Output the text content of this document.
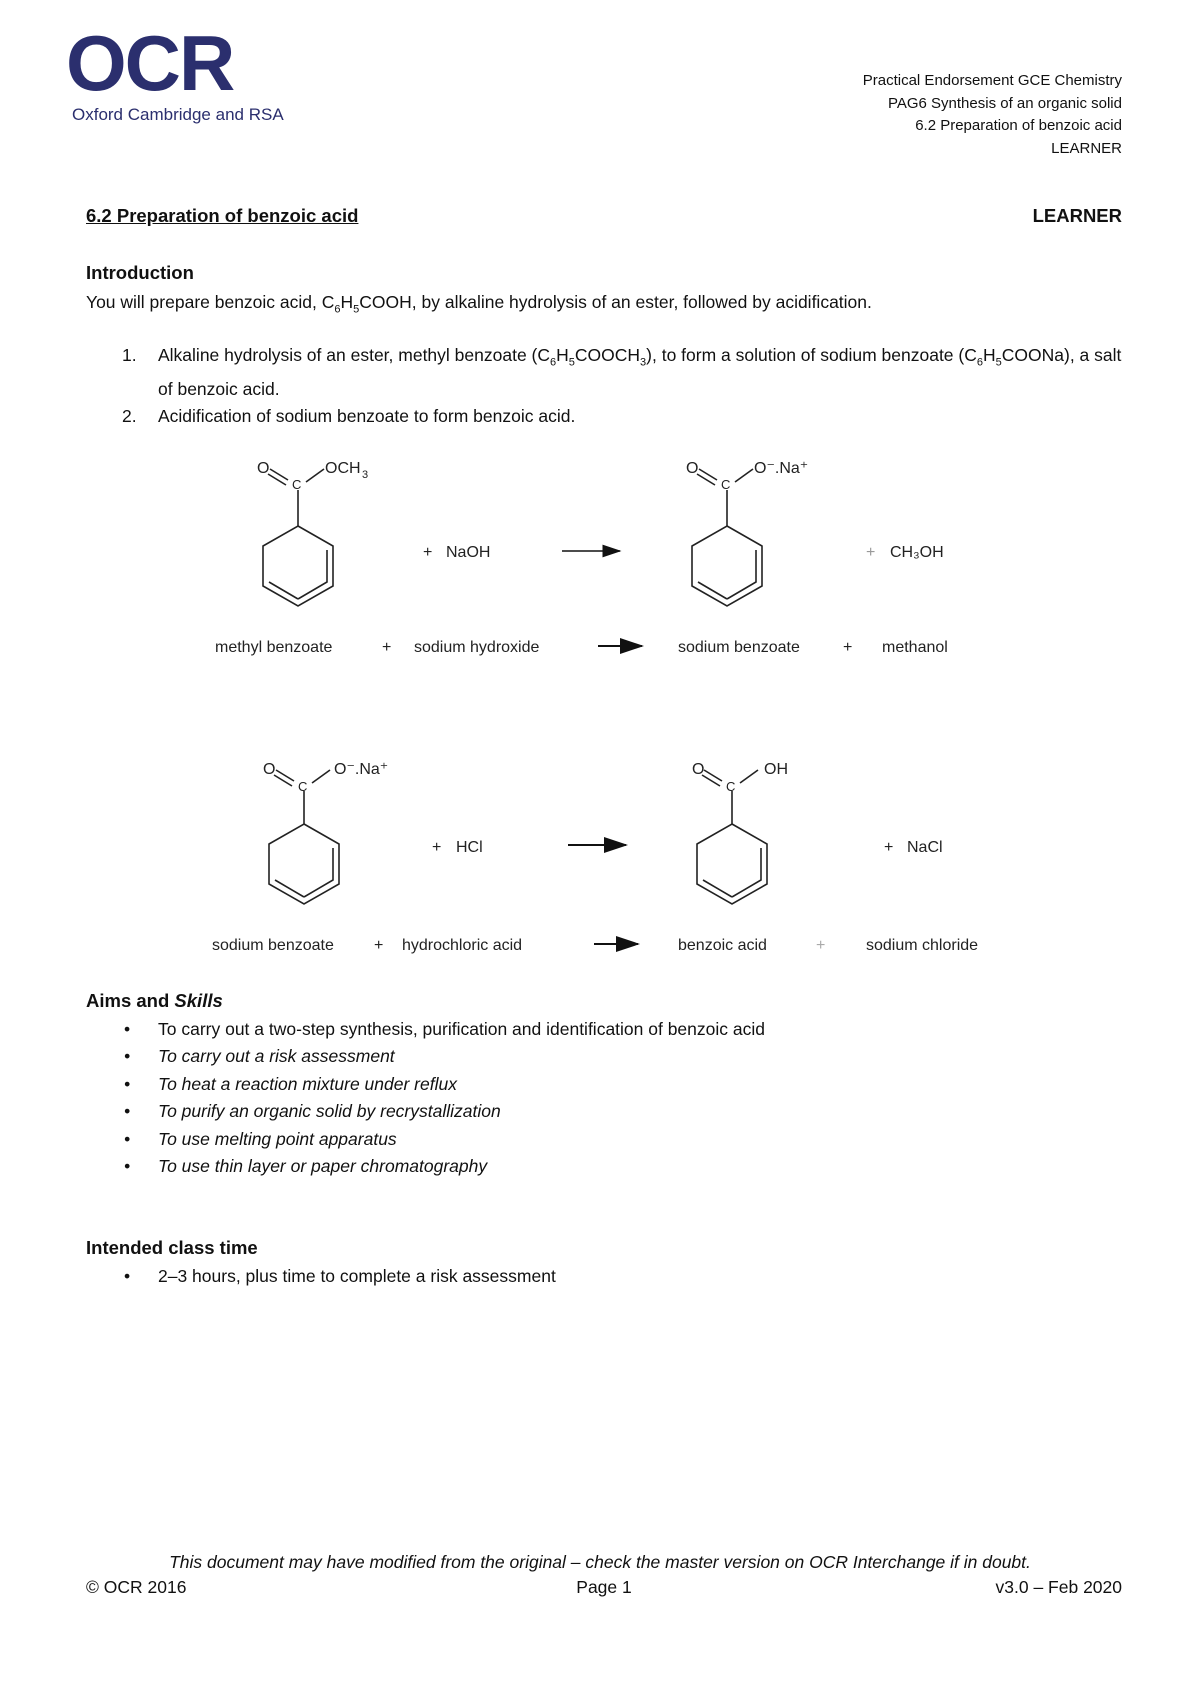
OCR
Oxford Cambridge and RSA
Practical Endorsement GCE Chemistry
PAG6 Synthesis of an organic solid
6.2 Preparation of benzoic acid
LEARNER
6.2 Preparation of benzoic acid	LEARNER
Introduction
You will prepare benzoic acid, $C_6H_5COOH$, by alkaline hydrolysis of an ester, followed by acidification.
1. Alkaline hydrolysis of an ester, methyl benzoate $(C_6H_5COOCH_3)$, to form a solution of sodium benzoate $(C_6H_5COONa)$, a salt of benzoic acid.
2. Acidification of sodium benzoate to form benzoic acid.
O	OCH 3
C
+ NaOH
O	O⁻.Na⁺
C
+ CH₃OH
methyl benzoate	+ sodium hydroxide	sodium benzoate	+ methanol
O	O⁻.Na⁺
C
+ HCl
O	OH
C
+ NaCl
sodium benzoate	+ hydrochloric acid	benzoic acid	+	sodium chloride
Aims and Skills
• To carry out a two-step synthesis, purification and identification of benzoic acid
• To carry out a risk assessment
• To heat a reaction mixture under reflux
• To purify an organic solid by recrystallization
• To use melting point apparatus
• To use thin layer or paper chromatography
Intended class time
• 2–3 hours, plus time to complete a risk assessment
This document may have modified from the original – check the master version on OCR Interchange if in doubt.
© OCR 2016	Page 1	v3.0 – Feb 2020
